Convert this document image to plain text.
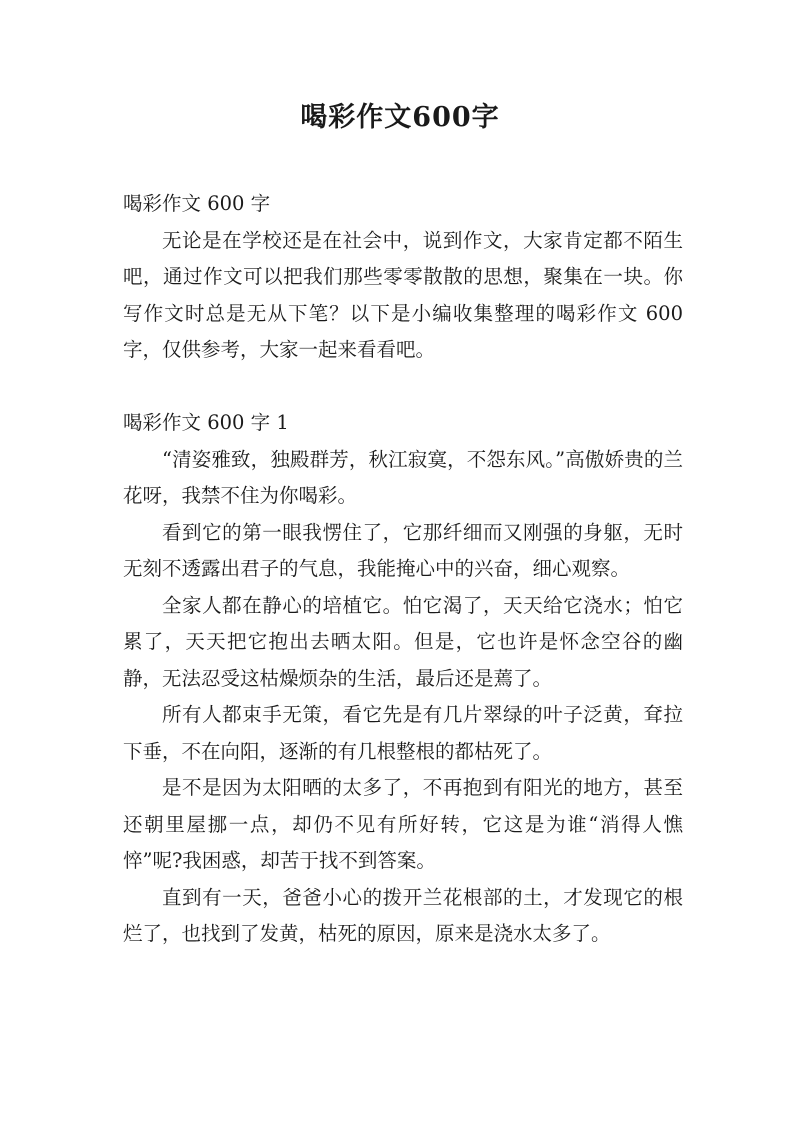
喝彩作文600字

喝彩作文 600 字

无论是在学校还是在社会中，说到作文，大家肯定都不陌生吧，通过作文可以把我们那些零零散散的思想，聚集在一块。你写作文时总是无从下笔？以下是小编收集整理的喝彩作文 600 字，仅供参考，大家一起来看看吧。

喝彩作文 600 字 1

“清姿雅致，独殿群芳，秋江寂寞，不怨东风。”高傲娇贵的兰花呀，我禁不住为你喝彩。

看到它的第一眼我愣住了，它那纤细而又刚强的身躯，无时无刻不透露出君子的气息，我能掩心中的兴奋，细心观察。

全家人都在静心的培植它。怕它渴了，天天给它浇水；怕它累了，天天把它抱出去晒太阳。但是，它也许是怀念空谷的幽静，无法忍受这枯燥烦杂的生活，最后还是蔫了。

所有人都束手无策，看它先是有几片翠绿的叶子泛黄，耷拉下垂，不在向阳，逐渐的有几根整根的都枯死了。

是不是因为太阳晒的太多了，不再抱到有阳光的地方，甚至还朝里屋挪一点，却仍不见有所好转，它这是为谁“消得人憔悴”呢?我困惑，却苦于找不到答案。

直到有一天，爸爸小心的拨开兰花根部的土，才发现它的根烂了，也找到了发黄，枯死的原因，原来是浇水太多了。
